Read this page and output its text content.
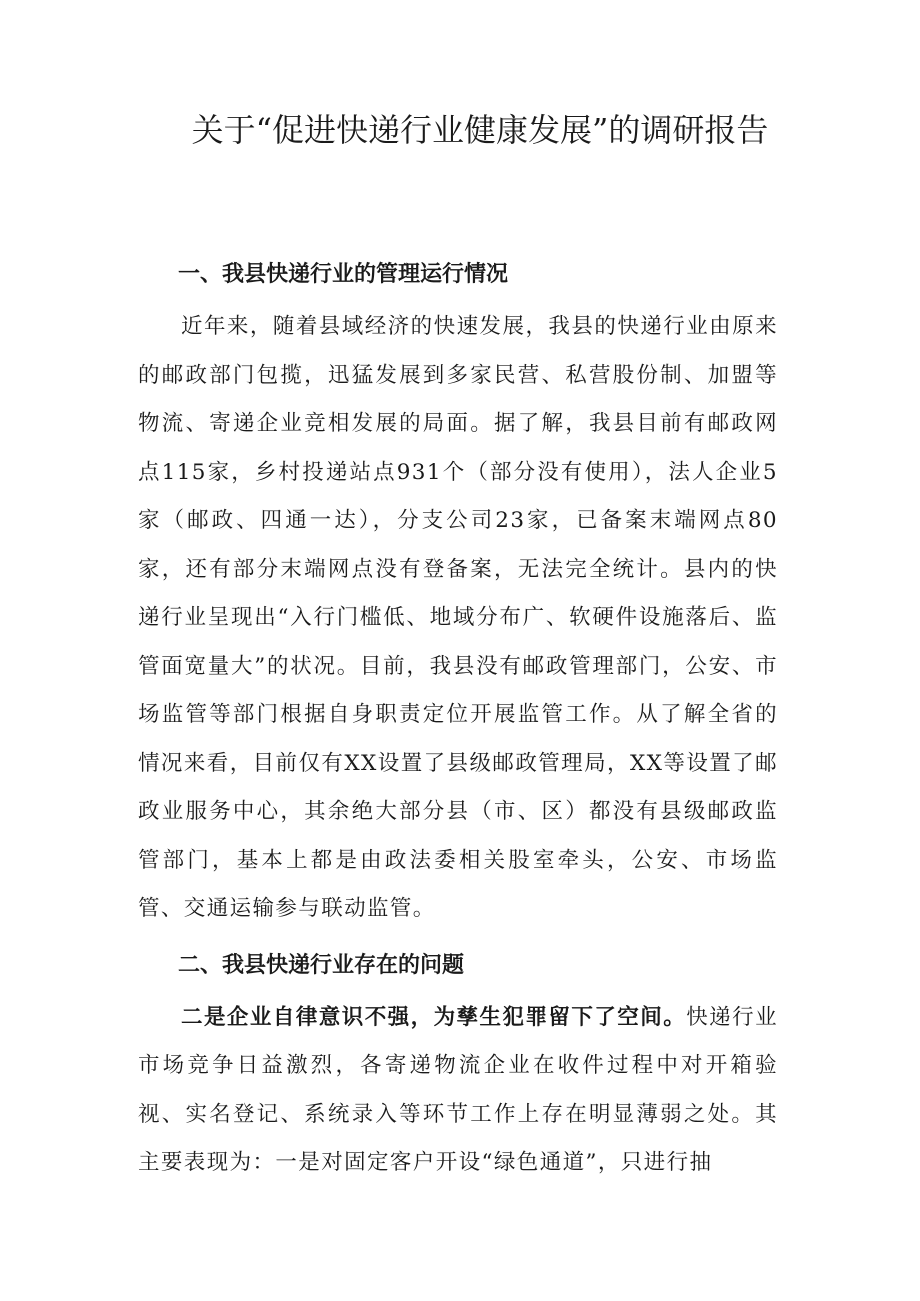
关于“促进快递行业健康发展”的调研报告
一、我县快递行业的管理运行情况

近年来，随着县域经济的快速发展，我县的快递行业由原来的邮政部门包揽，迅猛发展到多家民营、私营股份制、加盟等物流、寄递企业竞相发展的局面。据了解，我县目前有邮政网点115家，乡村投递站点931个（部分没有使用），法人企业5家（邮政、四通一达），分支公司23家，已备案末端网点80家，还有部分末端网点没有登备案，无法完全统计。县内的快递行业呈现出“入行门槛低、地域分布广、软硬件设施落后、监管面宽量大”的状况。目前，我县没有邮政管理部门，公安、市场监管等部门根据自身职责定位开展监管工作。从了解全省的情况来看，目前仅有XX设置了县级邮政管理局，XX等设置了邮政业服务中心，其余绝大部分县（市、区）都没有县级邮政监管部门，基本上都是由政法委相关股室牵头，公安、市场监管、交通运输参与联动监管。

二、我县快递行业存在的问题

二是企业自律意识不强，为孳生犯罪留下了空间。快递行业市场竞争日益激烈，各寄递物流企业在收件过程中对开箱验视、实名登记、系统录入等环节工作上存在明显薄弱之处。其主要表现为：一是对固定客户开设“绿色通道”，只进行抽
